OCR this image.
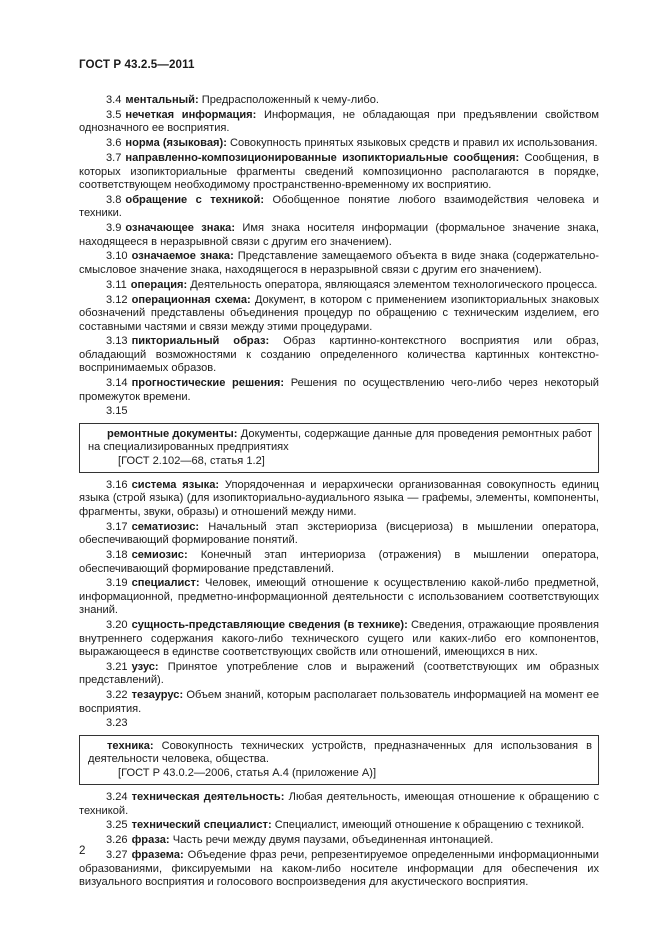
ГОСТ Р 43.2.5—2011

3.4 ментальный : Предрасположенный к чему-либо.

3.5 нечеткая информация : Информация, не обладающая при предъявлении свойством однозначного ее восприятия.

3.6 норма (языковая) : Совокупность принятых языковых средств и правил их использования.

3.7 направленно-композиционированные изопикториальные сообщения : Сообщения, в которых изопикториальные фрагменты сведений композиционно располагаются в порядке, соответствующем необходимому пространственно-временному их восприятию.

3.8 обращение с техникой : Обобщенное понятие любого взаимодействия человека и техники.

3.9 означающее знака : Имя знака носителя информации (формальное значение знака, находящееся в неразрывной связи с другим его значением).

3.10 означаемое знака : Представление замещаемого объекта в виде знака (содержательно-смысловое значение знака, находящегося в неразрывной связи с другим его значением).

3.11 операция : Деятельность оператора, являющаяся элементом технологического процесса.

3.12 операционная схема : Документ, в котором с применением изопикториальных знаковых обозначений представлены объединения процедур по обращению с техническим изделием, его составными частями и связи между этими процедурами.

3.13 пикториальный образ : Образ картинно-контекстного восприятия или образ, обладающий возможностями к созданию определенного количества картинных контекстно-воспринимаемых образов.

3.14 прогностические решения : Решения по осуществлению чего-либо через некоторый промежуток времени.

3.15

ремонтные документы : Документы, содержащие данные для проведения ремонтных работ на специализированных предприятиях

[ГОСТ 2.102—68, статья 1.2]

3.16 система языка : Упорядоченная и иерархически организованная совокупность единиц языка (строй языка) (для изопикториально-аудиального языка — графемы, элементы, компоненты, фрагменты, звуки, образы) и отношений между ними.

3.17 сематиозис : Начальный этап экстериориза (висцериоза) в мышлении оператора, обеспечивающий формирование понятий.

3.18 семиозис : Конечный этап интериориза (отражения) в мышлении оператора, обеспечивающий формирование представлений.

3.19 специалист : Человек, имеющий отношение к осуществлению какой-либо предметной, информационной, предметно-информационной деятельности с использованием соответствующих знаний.

3.20 сущность-представляющие сведения (в технике) : Сведения, отражающие проявления внутреннего содержания какого-либо технического сущего или каких-либо его компонентов, выражающееся в единстве соответствующих свойств или отношений, имеющихся в них.

3.21 узус : Принятое употребление слов и выражений (соответствующих им образных представлений).

3.22 тезаурус : Объем знаний, которым располагает пользователь информацией на момент ее восприятия.

3.23

техника : Совокупность технических устройств, предназначенных для использования в деятельности человека, общества.

[ГОСТ Р 43.0.2—2006, статья А.4 (приложение А)]

3.24 техническая деятельность : Любая деятельность, имеющая отношение к обращению с техникой.

3.25 технический специалист : Специалист, имеющий отношение к обращению с техникой.

3.26 фраза : Часть речи между двумя паузами, объединенная интонацией.

3.27 фразема : Объедение фраз речи, репрезентируемое определенными информационными образованиями, фиксируемыми на каком-либо носителе информации для обеспечения их визуального восприятия и голосового воспроизведения для акустического восприятия.

2
